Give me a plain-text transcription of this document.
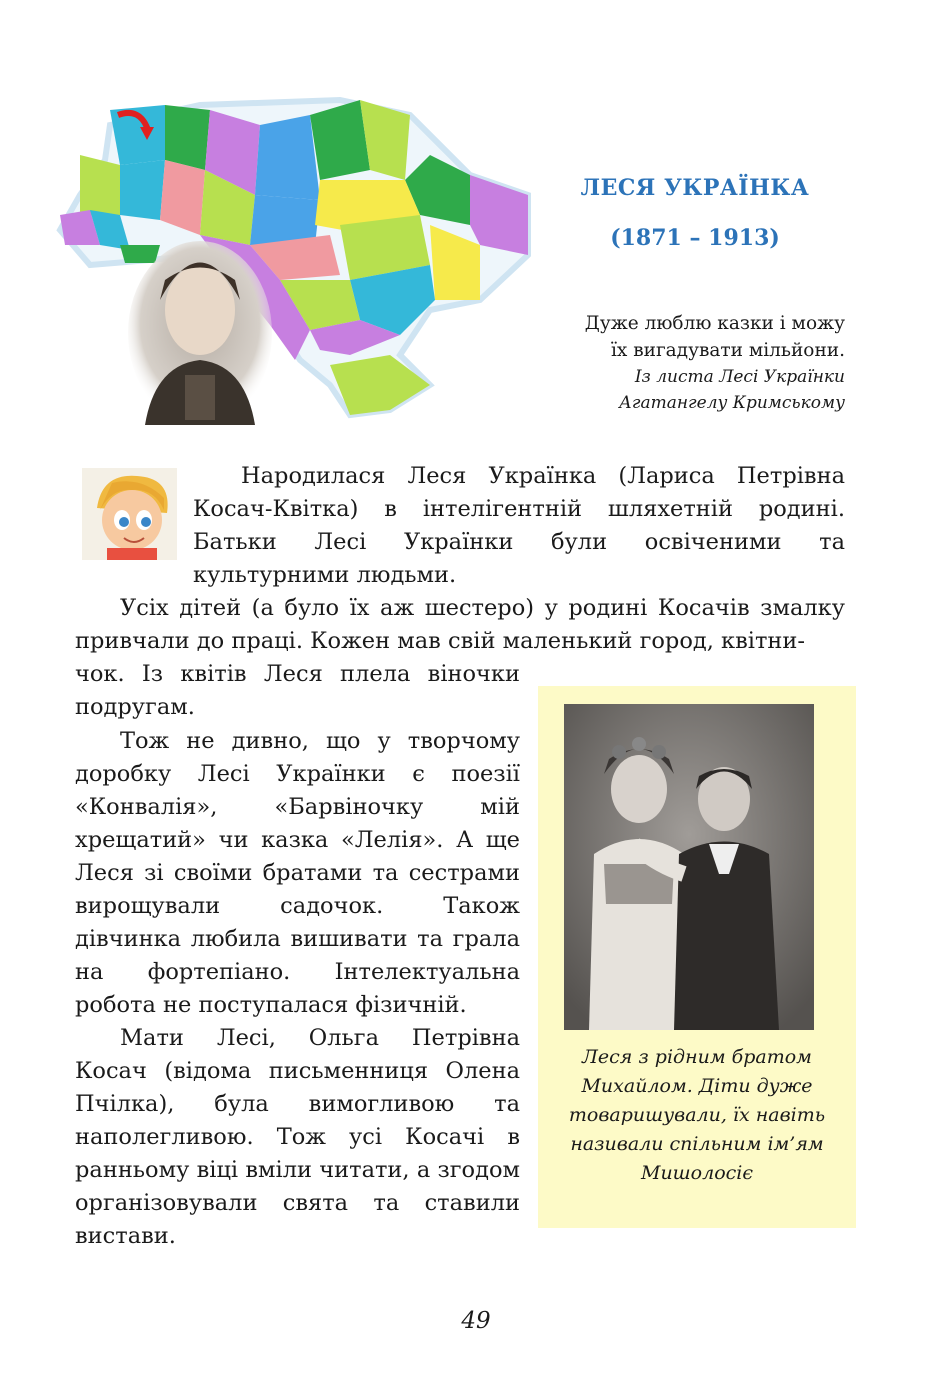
ЛЕСЯ УКРАЇНКА
(1871 – 1913)
Дуже люблю казки і можу
їх вигадувати мільйони.
Із листа Лесі Українки
Агатангелу Кримському
Народилася Леся Українка (Лариса Петрівна Косач-Квітка) в інтелігентній шляхетній родині. Батьки Лесі Українки були освіченими та культурними людьми.
Усіх дітей (а було їх аж шестеро) у родині Косачів змалку привчали до праці. Кожен мав свій маленький город, квітни-
чок. Із квітів Леся плела віночки
подругам.
Тож не дивно, що у творчому доробку Лесі Українки є поезії «Конвалія», «Барвіночку мій хрещатий» чи казка «Лелія». А ще Леся зі своїми братами та сестрами вирощували садочок. Також дівчинка любила вишивати та грала на фортепіано. Інтелектуальна робота не поступалася фізичній.
Мати Лесі, Ольга Петрівна Косач (відома письменниця Олена Пчілка), була вимогливою та наполегливою. Тож усі Косачі в ранньому віці вміли читати, а згодом організовували свята та ставили вистави.
Леся з рідним братом Михайлом. Діти дуже товаришували, їх навіть називали спільним ім’ям Мишолосіє
49
